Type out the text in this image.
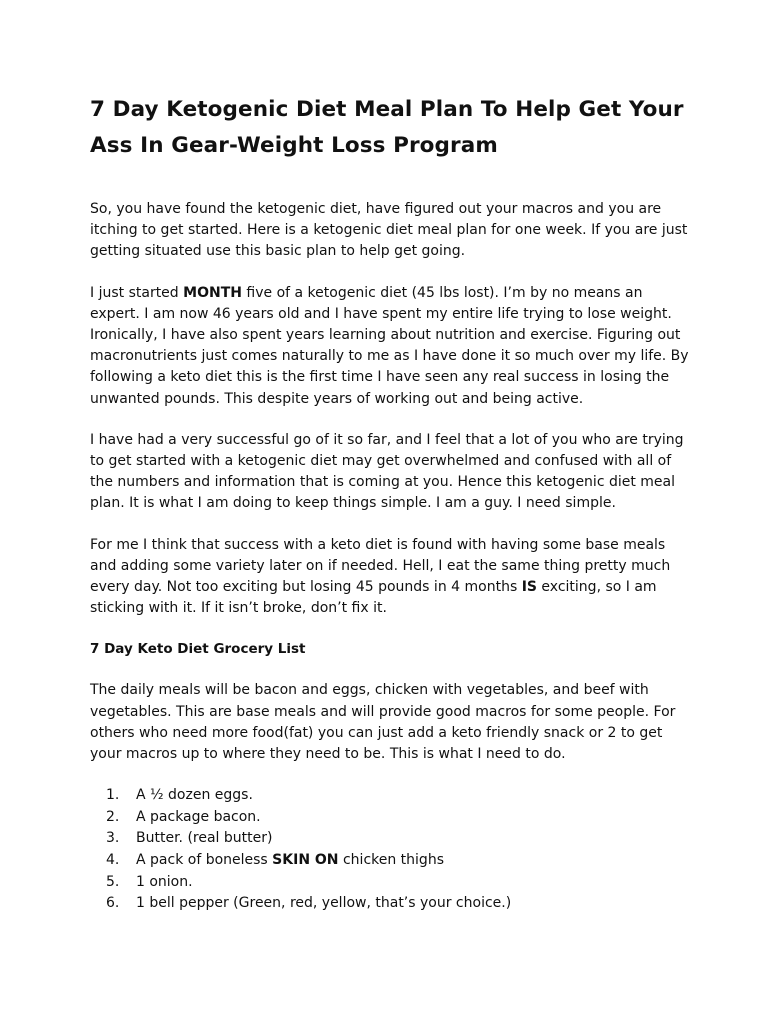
7 Day Ketogenic Diet Meal Plan To Help Get Your Ass In Gear-Weight Loss Program

So, you have found the ketogenic diet, have figured out your macros and you are itching to get started. Here is a ketogenic diet meal plan for one week. If you are just getting situated use this basic plan to help get going.

I just started MONTH five of a ketogenic diet (45 lbs lost). I’m by no means an expert. I am now 46 years old and I have spent my entire life trying to lose weight. Ironically, I have also spent years learning about nutrition and exercise. Figuring out macronutrients just comes naturally to me as I have done it so much over my life. By following a keto diet this is the first time I have seen any real success in losing the unwanted pounds. This despite years of working out and being active.

I have had a very successful go of it so far, and I feel that a lot of you who are trying to get started with a ketogenic diet may get overwhelmed and confused with all of the numbers and information that is coming at you. Hence this ketogenic diet meal plan. It is what I am doing to keep things simple. I am a guy. I need simple.

For me I think that success with a keto diet is found with having some base meals and adding some variety later on if needed. Hell, I eat the same thing pretty much every day. Not too exciting but losing 45 pounds in 4 months IS exciting, so I am sticking with it. If it isn’t broke, don’t fix it.

7 Day Keto Diet Grocery List

The daily meals will be bacon and eggs, chicken with vegetables, and beef with vegetables. This are base meals and will provide good macros for some people. For others who need more food(fat) you can just add a keto friendly snack or 2 to get your macros up to where they need to be. This is what I need to do.

1.	A ½ dozen eggs.
2.	A package bacon.
3.	Butter. (real butter)
4.	A pack of boneless SKIN ON chicken thighs
5.	1 onion.
6.	1 bell pepper (Green, red, yellow, that’s your choice.)
